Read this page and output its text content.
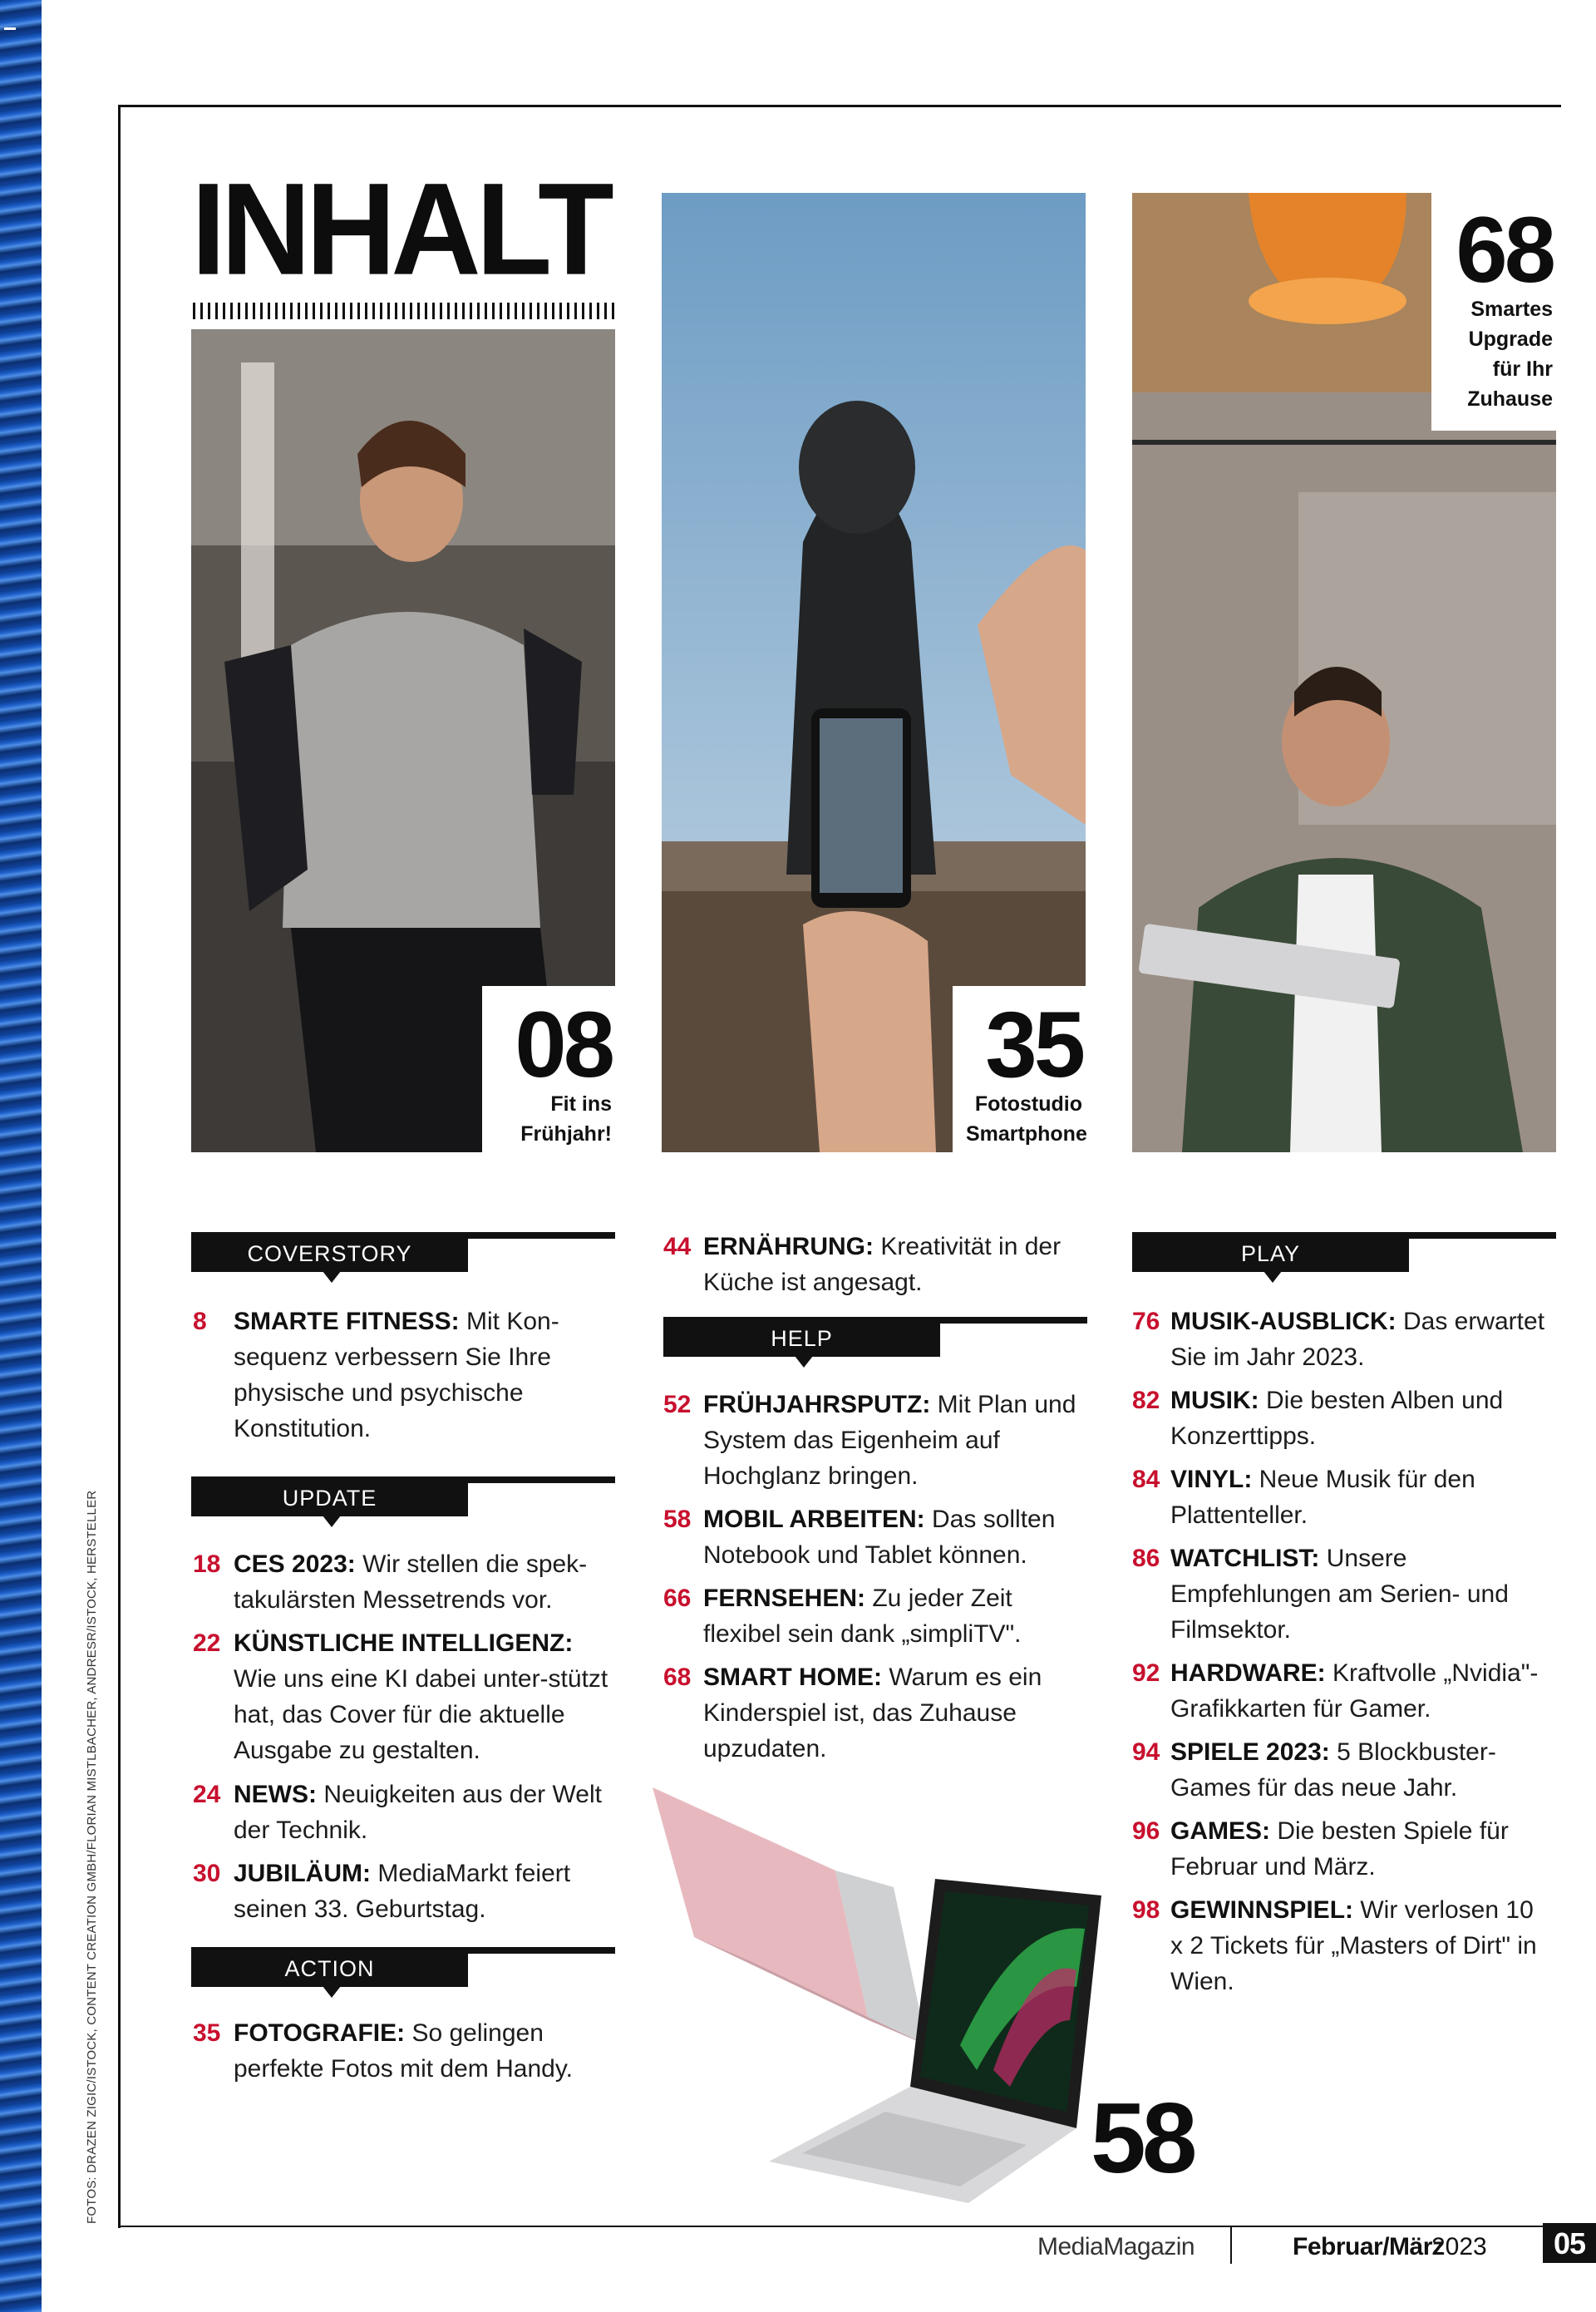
FOTOS: DRAZEN ZIGIC/ISTOCK, CONTENT CREATION GMBH/FLORIAN MISTLBACHER, ANDRESR/ISTOCK, HERSTELLER
INHALT
08
Fit ins
Frühjahr!
35
Fotostudio
Smartphone
68
Smartes
Upgrade
für Ihr
Zuhause
COVERSTORY
8 SMARTE FITNESS: Mit Kon-sequenz verbessern Sie Ihre physische und psychische Konstitution.
UPDATE
18 CES 2023: Wir stellen die spek-takulärsten Messetrends vor.
22 KÜNSTLICHE INTELLIGENZ: Wie uns eine KI dabei unter-stützt hat, das Cover für die aktuelle Ausgabe zu gestalten.
24 NEWS: Neuigkeiten aus der Welt der Technik.
30 JUBILÄUM: MediaMarkt feiert seinen 33. Geburtstag.
ACTION
35 FOTOGRAFIE: So gelingen perfekte Fotos mit dem Handy.
44 ERNÄHRUNG: Kreativität in der Küche ist angesagt.
HELP
52 FRÜHJAHRSPUTZ: Mit Plan und System das Eigenheim auf Hochglanz bringen.
58 MOBIL ARBEITEN: Das sollten Notebook und Tablet können.
66 FERNSEHEN: Zu jeder Zeit flexibel sein dank „simpliTV".
68 SMART HOME: Warum es ein Kinderspiel ist, das Zuhause upzudaten.
58
PLAY
76 MUSIK-AUSBLICK: Das erwartet Sie im Jahr 2023.
82 MUSIK: Die besten Alben und Konzerttipps.
84 VINYL: Neue Musik für den Plattenteller.
86 WATCHLIST: Unsere Empfehlungen am Serien- und Filmsektor.
92 HARDWARE: Kraftvolle „Nvidia"-Grafikkarten für Gamer.
94 SPIELE 2023: 5 Blockbuster-Games für das neue Jahr.
96 GAMES: Die besten Spiele für Februar und März.
98 GEWINNSPIEL: Wir verlosen 10 x 2 Tickets für „Masters of Dirt" in Wien.
MediaMagazin	Februar/März
2023	05
